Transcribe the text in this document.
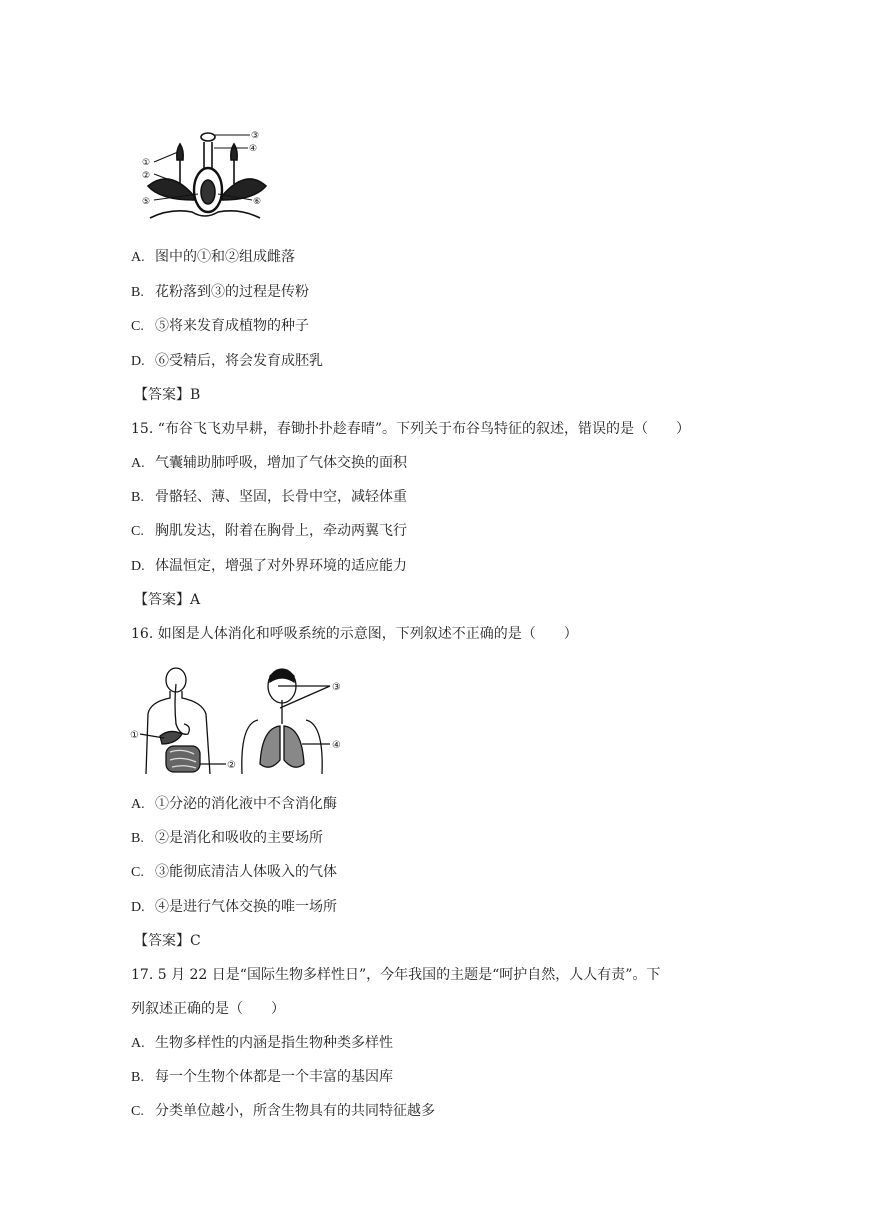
①
②
③
④
⑤	⑥
A. 图中的①和②组成雌落
B. 花粉落到③的过程是传粉
C. ⑤将来发育成植物的种子
D. ⑥受精后，将会发育成胚乳
【答案】B
15. “布谷飞飞劝早耕，春锄扑扑趁春晴”。下列关于布谷鸟特征的叙述，错误的是（　　）
A. 气囊辅助肺呼吸，增加了气体交换的面积
B. 骨骼轻、薄、坚固，长骨中空，减轻体重
C. 胸肌发达，附着在胸骨上，牵动两翼飞行
D. 体温恒定，增强了对外界环境的适应能力
【答案】A
16. 如图是人体消化和呼吸系统的示意图，下列叙述不正确的是（　　）
①
②
③
④
A. ①分泌的消化液中不含消化酶
B. ②是消化和吸收的主要场所
C. ③能彻底清洁人体吸入的气体
D. ④是进行气体交换的唯一场所
【答案】C
17. 5 月 22 日是“国际生物多样性日”，今年我国的主题是“呵护自然，人人有责”。下
列叙述正确的是（　　）
A. 生物多样性的内涵是指生物种类多样性
B. 每一个生物个体都是一个丰富的基因库
C. 分类单位越小，所含生物具有的共同特征越多
